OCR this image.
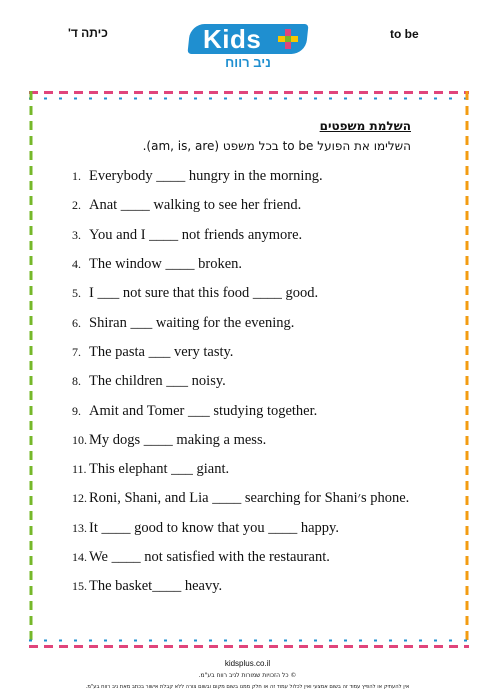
כיתה ד'	Kids
ניב רווח
to be
השלמת משפטים
השלימו את הפועל to be בכל משפט (am, is, are).
1. Everybody ____ hungry in the morning.
2. Anat ____ walking to see her friend.
3. You and I ____ not friends anymore.
4. The window ____ broken.
5. I ___ not sure that this food ____ good.
6. Shiran ___ waiting for the evening.
7. The pasta ___ very tasty.
8. The children ___ noisy.
9. Amit and Tomer ___ studying together.
10. My dogs ____ making a mess.
11. This elephant ___ giant.
12. Roni, Shani, and Lia ____ searching for Shani׳s phone.
13. It ____ good to know that you ____ happy.
14. We ____ not satisfied with the restaurant.
15. The basket____ heavy.
kidsplus.co.il
© כל הזכויות שמורות לניב רווח בע"מ.
אין להעתיק או להפיץ עמוד זה בשום אמצעי ואין לכלול עמוד זה או חלק ממנו בשום מקום ובשום צורה ללא קבלת אישור בכתב מאת ניב רווח בע"מ.
